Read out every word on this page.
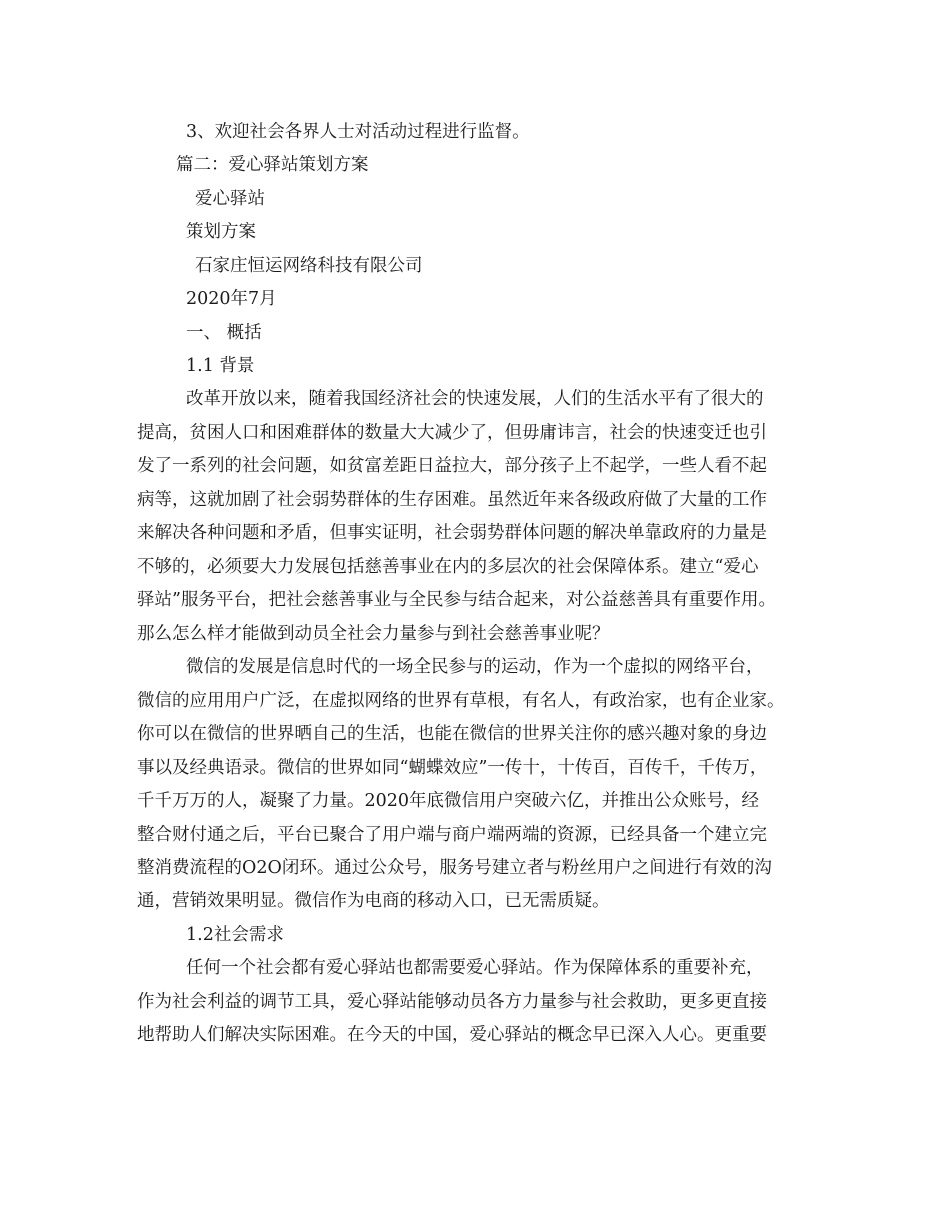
3、欢迎社会各界人士对活动过程进行监督。
篇二：爱心驿站策划方案
爱心驿站
策划方案
石家庄恒运网络科技有限公司
2020年7月
一、 概括
1.1 背景
改革开放以来，随着我国经济社会的快速发展，人们的生活水平有了很大的
提高，贫困人口和困难群体的数量大大减少了，但毋庸讳言，社会的快速变迁也引
发了一系列的社会问题，如贫富差距日益拉大，部分孩子上不起学，一些人看不起
病等，这就加剧了社会弱势群体的生存困难。虽然近年来各级政府做了大量的工作
来解决各种问题和矛盾，但事实证明，社会弱势群体问题的解决单靠政府的力量是
不够的，必须要大力发展包括慈善事业在内的多层次的社会保障体系。建立“爱心
驿站”服务平台，把社会慈善事业与全民参与结合起来，对公益慈善具有重要作用。
那么怎么样才能做到动员全社会力量参与到社会慈善事业呢？
微信的发展是信息时代的一场全民参与的运动，作为一个虚拟的网络平台，
微信的应用用户广泛，在虚拟网络的世界有草根，有名人，有政治家，也有企业家。
你可以在微信的世界晒自己的生活，也能在微信的世界关注你的感兴趣对象的身边
事以及经典语录。微信的世界如同“蝴蝶效应”一传十，十传百，百传千，千传万，
千千万万的人，凝聚了力量。2020年底微信用户突破六亿，并推出公众账号，经
整合财付通之后，平台已聚合了用户端与商户端两端的资源，已经具备一个建立完
整消费流程的O2O闭环。通过公众号，服务号建立者与粉丝用户之间进行有效的沟
通，营销效果明显。微信作为电商的移动入口，已无需质疑。
1.2社会需求
任何一个社会都有爱心驿站也都需要爱心驿站。作为保障体系的重要补充，
作为社会利益的调节工具，爱心驿站能够动员各方力量参与社会救助，更多更直接
地帮助人们解决实际困难。在今天的中国，爱心驿站的概念早已深入人心。更重要
